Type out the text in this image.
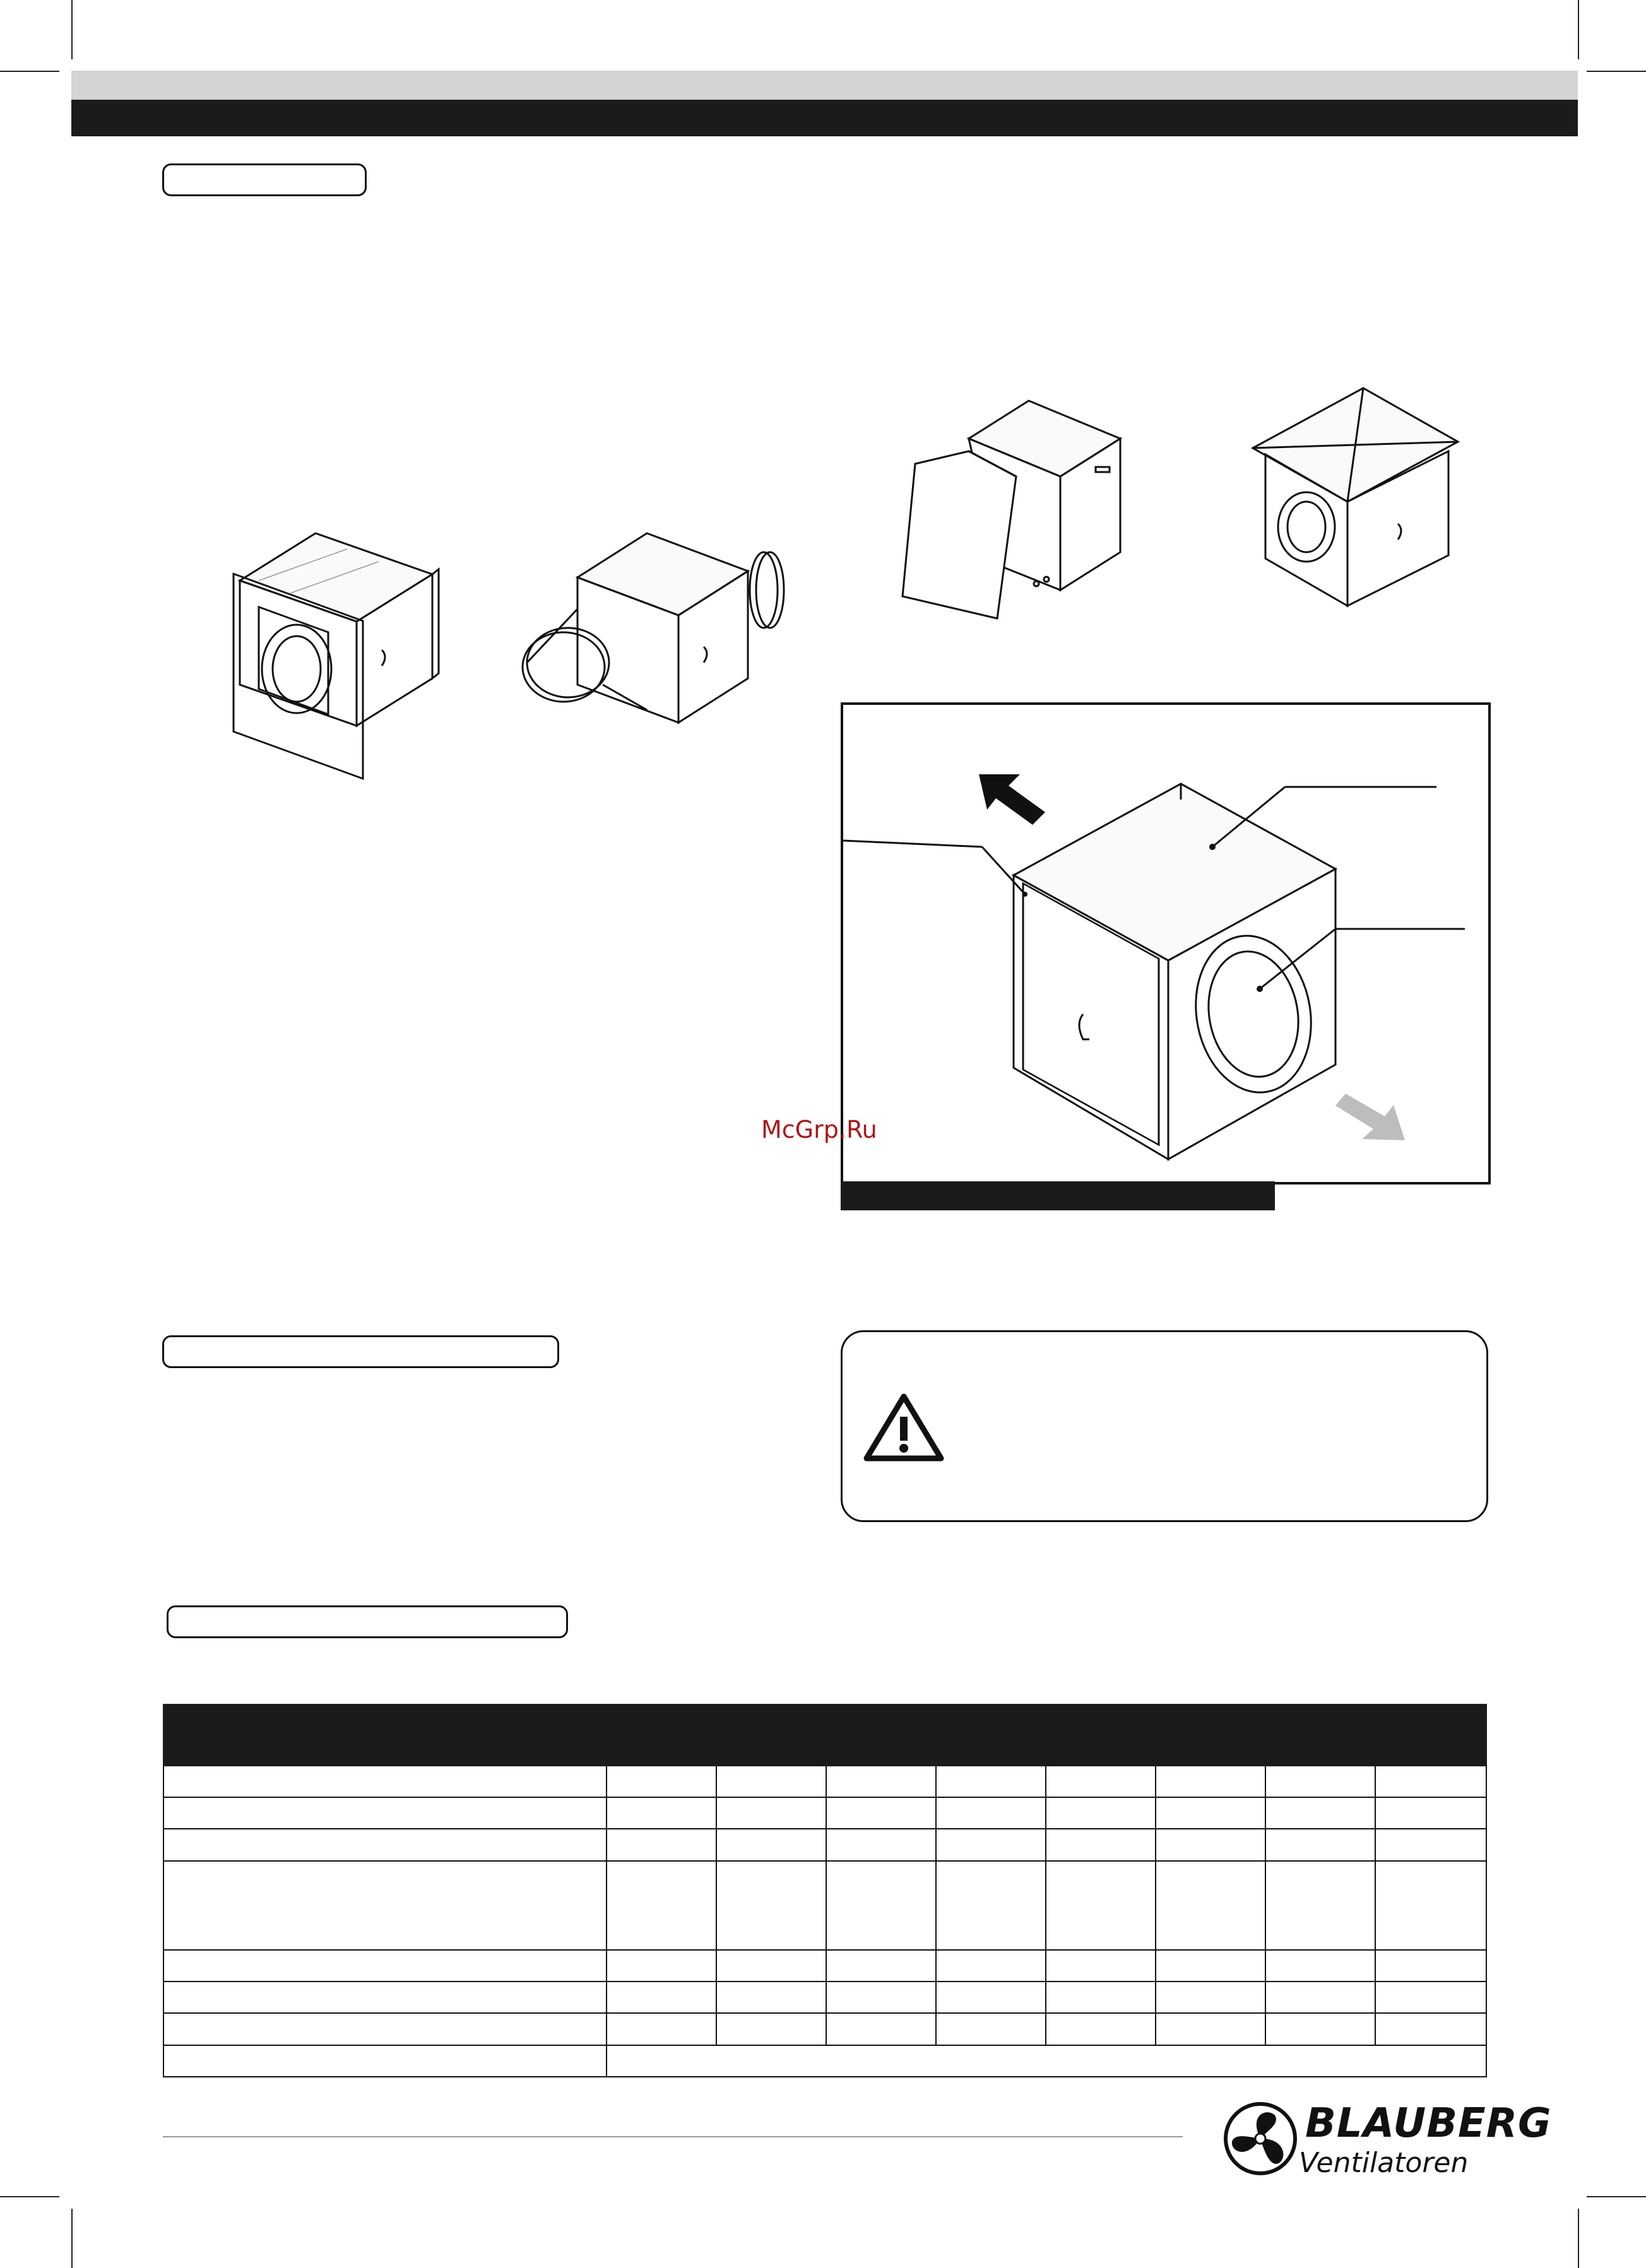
McGrp.Ru

BLAUBERG
Ventilatoren
